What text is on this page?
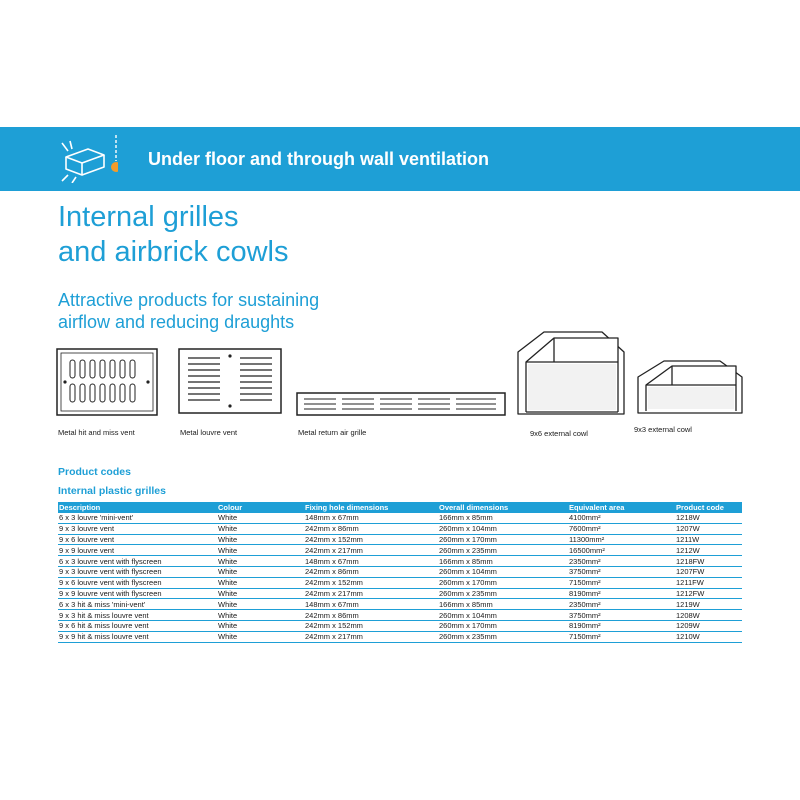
Under floor and through wall ventilation
Internal grilles
and airbrick cowls
Attractive products for sustaining
airflow and reducing draughts
Metal hit and miss vent	Metal louvre vent	Metal return air grille	9x6 external cowl	9x3 external cowl
Product codes
Internal plastic grilles
Description	Colour	Fixing hole dimensions	Overall dimensions	Equivalent area	Product code
6 x 3 louvre 'mini-vent'	White	148mm x 67mm	166mm x 85mm	4100mm²	1218W
9 x 3 louvre vent	White	242mm x 86mm	260mm x 104mm	7600mm²	1207W
9 x 6 louvre vent	White	242mm x 152mm	260mm x 170mm	11300mm²	1211W
9 x 9 louvre vent	White	242mm x 217mm	260mm x 235mm	16500mm²	1212W
6 x 3 louvre vent with flyscreen	White	148mm x 67mm	166mm x 85mm	2350mm²	1218FW
9 x 3 louvre vent with flyscreen	White	242mm x 86mm	260mm x 104mm	3750mm²	1207FW
9 x 6 louvre vent with flyscreen	White	242mm x 152mm	260mm x 170mm	7150mm²	1211FW
9 x 9 louvre vent with flyscreen	White	242mm x 217mm	260mm x 235mm	8190mm²	1212FW
6 x 3 hit & miss 'mini-vent'	White	148mm x 67mm	166mm x 85mm	2350mm²	1219W
9 x 3 hit & miss louvre vent	White	242mm x 86mm	260mm x 104mm	3750mm²	1208W
9 x 6 hit & miss louvre vent	White	242mm x 152mm	260mm x 170mm	8190mm²	1209W
9 x 9 hit & miss louvre vent	White	242mm x 217mm	260mm x 235mm	7150mm²	1210W
